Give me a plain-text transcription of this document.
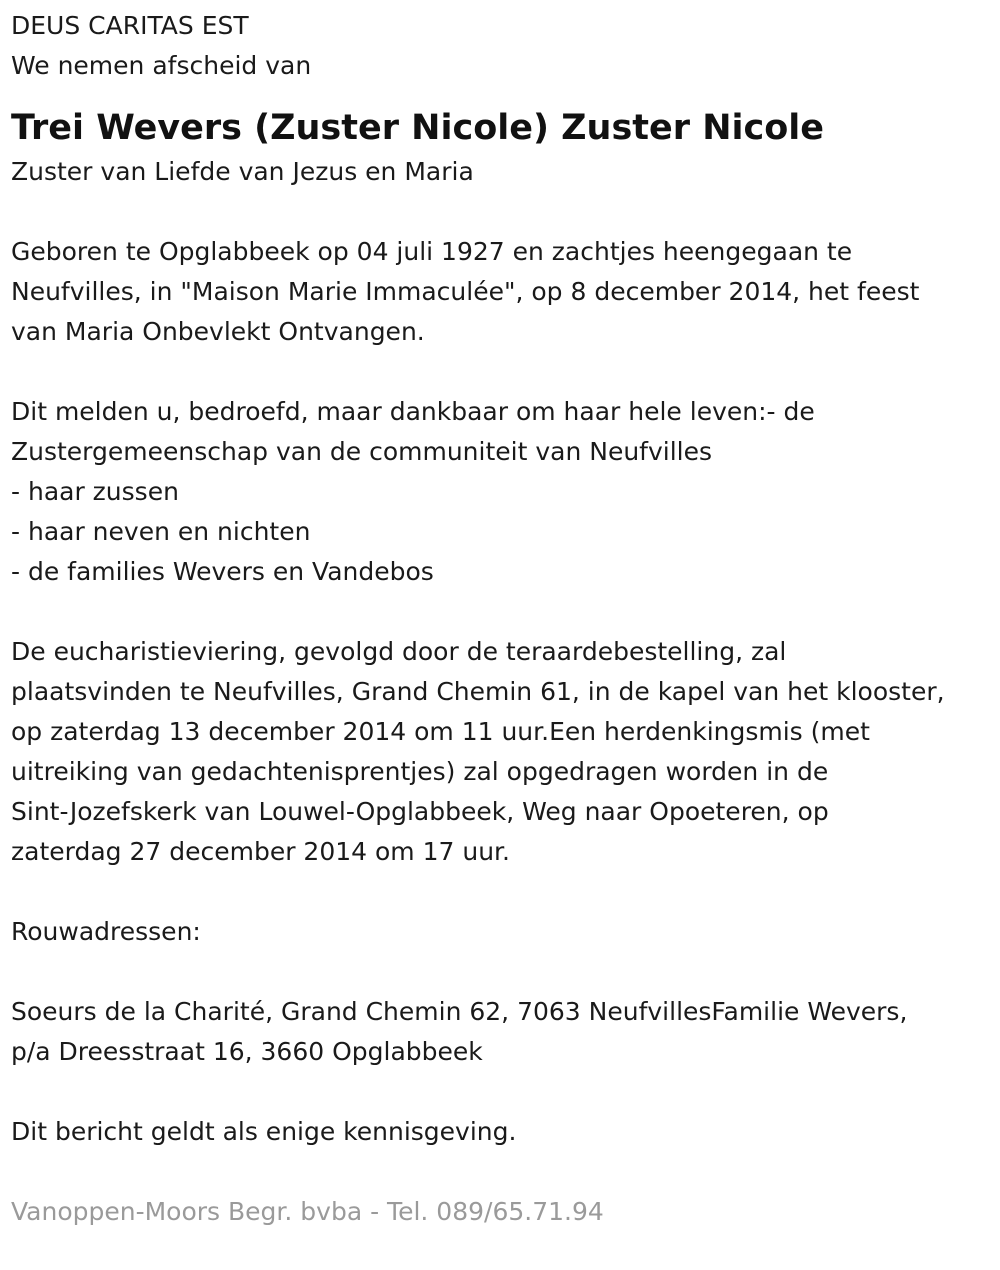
DEUS CARITAS EST
We nemen afscheid van
Trei Wevers (Zuster Nicole) Zuster Nicole
Zuster van Liefde van Jezus en Maria
Geboren te Opglabbeek op 04 juli 1927 en zachtjes heengegaan te
Neufvilles, in "Maison Marie Immaculée", op 8 december 2014, het feest
van Maria Onbevlekt Ontvangen.
Dit melden u, bedroefd, maar dankbaar om haar hele leven:- de
Zustergemeenschap van de communiteit van Neufvilles
- haar zussen
- haar neven en nichten
- de families Wevers en Vandebos
De eucharistieviering, gevolgd door de teraardebestelling, zal
plaatsvinden te Neufvilles, Grand Chemin 61, in de kapel van het klooster,
op zaterdag 13 december 2014 om 11 uur.Een herdenkingsmis (met
uitreiking van gedachtenisprentjes) zal opgedragen worden in de
Sint-Jozefskerk van Louwel-Opglabbeek, Weg naar Opoeteren, op
zaterdag 27 december 2014 om 17 uur.
Rouwadressen:
Soeurs de la Charité, Grand Chemin 62, 7063 NeufvillesFamilie Wevers,
p/a Dreesstraat 16, 3660 Opglabbeek
Dit bericht geldt als enige kennisgeving.
Vanoppen-Moors Begr. bvba - Tel. 089/65.71.94
